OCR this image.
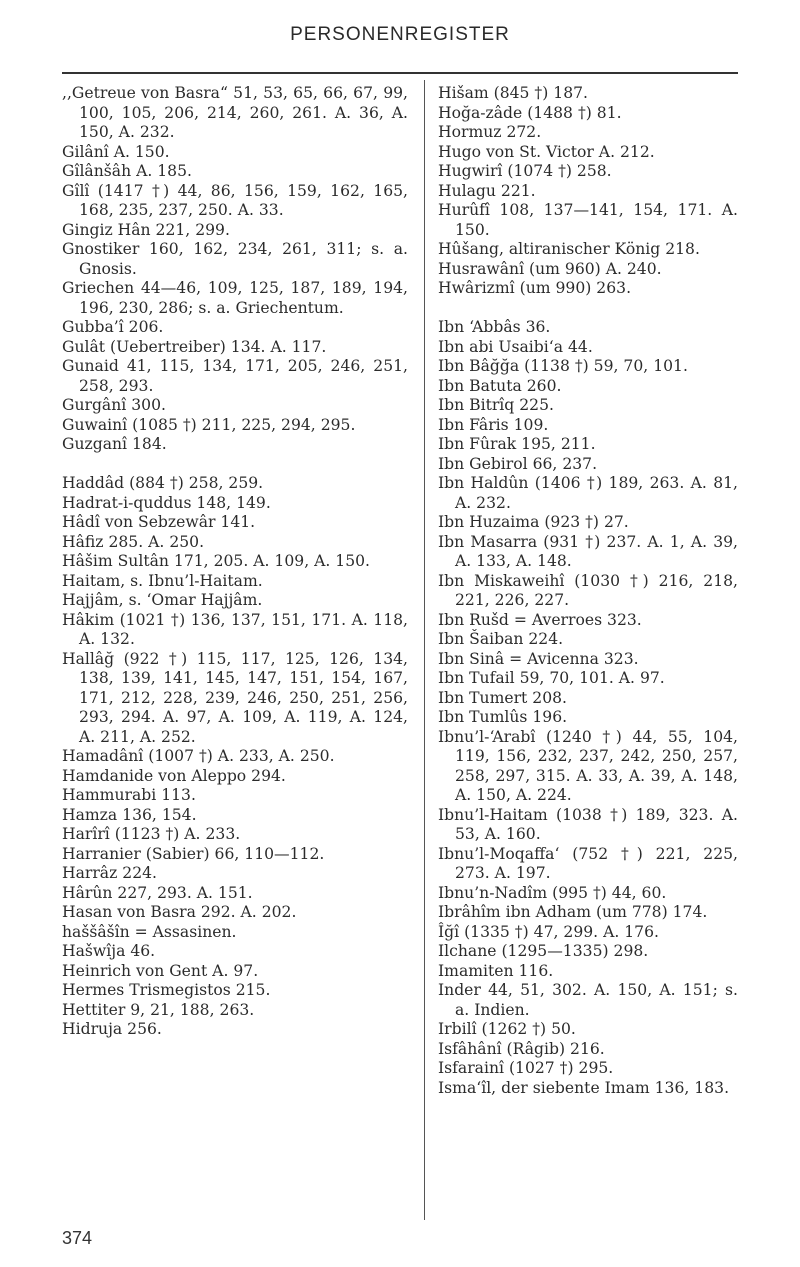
PERSONENREGISTER

,,Getreue von Basra“ 51, 53, 65, 66, 67, 99, 100, 105, 206, 214, 260, 261. A. 36, A. 150, A. 232.

Gilânî A. 150.

Gîlânšâh A. 185.

Gîlî (1417 †) 44, 86, 156, 159, 162, 165, 168, 235, 237, 250. A. 33.

Gingiz Hân 221, 299.

Gnostiker 160, 162, 234, 261, 311; s. a. Gnosis.

Griechen 44—46, 109, 125, 187, 189, 194, 196, 230, 286; s. a. Griechentum.

Gubba’î 206.

Gulât (Uebertreiber) 134. A. 117.

Gunaid 41, 115, 134, 171, 205, 246, 251, 258, 293.

Gurgânî 300.

Guwainî (1085 †) 211, 225, 294, 295.

Guzganî 184.

Haddâd (884 †) 258, 259.

Hadrat-i-quddus 148, 149.

Hâdî von Sebzewâr 141.

Hâfiz 285. A. 250.

Hâšim Sultân 171, 205. A. 109, A. 150.

Haitam, s. Ibnu’l-Haitam.

Hajjâm, s. ‘Omar Hajjâm.

Hâkim (1021 †) 136, 137, 151, 171. A. 118, A. 132.

Hallâğ (922 †) 115, 117, 125, 126, 134, 138, 139, 141, 145, 147, 151, 154, 167, 171, 212, 228, 239, 246, 250, 251, 256, 293, 294. A. 97, A. 109, A. 119, A. 124, A. 211, A. 252.

Hamadânî (1007 †) A. 233, A. 250.

Hamdanide von Aleppo 294.

Hammurabi 113.

Hamza 136, 154.

Harîrî (1123 †) A. 233.

Harranier (Sabier) 66, 110—112.

Harrâz 224.

Hârûn 227, 293. A. 151.

Hasan von Basra 292. A. 202.

haššâšîn = Assasinen.

Hašwîja 46.

Heinrich von Gent A. 97.

Hermes Trismegistos 215.

Hettiter 9, 21, 188, 263.

Hidruja 256.

Hišam (845 †) 187.

Hoğa-zâde (1488 †) 81.

Hormuz 272.

Hugo von St. Victor A. 212.

Hugwirî (1074 †) 258.

Hulagu 221.

Hurûfî 108, 137—141, 154, 171. A. 150.

Hûšang, altiranischer König 218.

Husrawânî (um 960) A. 240.

Hwârizmî (um 990) 263.

Ibn ‘Abbâs 36.

Ibn abi Usaibi‘a 44.

Ibn Bâğğa (1138 †) 59, 70, 101.

Ibn Batuta 260.

Ibn Bitrîq 225.

Ibn Fâris 109.

Ibn Fûrak 195, 211.

Ibn Gebirol 66, 237.

Ibn Haldûn (1406 †) 189, 263. A. 81, A. 232.

Ibn Huzaima (923 †) 27.

Ibn Masarra (931 †) 237. A. 1, A. 39, A. 133, A. 148.

Ibn Miskaweihî (1030 †) 216, 218, 221, 226, 227.

Ibn Rušd = Averroes 323.

Ibn Šaiban 224.

Ibn Sinâ = Avicenna 323.

Ibn Tufail 59, 70, 101. A. 97.

Ibn Tumert 208.

Ibn Tumlûs 196.

Ibnu’l-‘Arabî (1240 †) 44, 55, 104, 119, 156, 232, 237, 242, 250, 257, 258, 297, 315. A. 33, A. 39, A. 148, A. 150, A. 224.

Ibnu’l-Haitam (1038 †) 189, 323. A. 53, A. 160.

Ibnu’l-Moqaffa‘ (752 †) 221, 225, 273. A. 197.

Ibnu’n-Nadîm (995 †) 44, 60.

Ibrâhîm ibn Adham (um 778) 174.

Îğî (1335 †) 47, 299. A. 176.

Ilchane (1295—1335) 298.

Imamiten 116.

Inder 44, 51, 302. A. 150, A. 151; s. a. Indien.

Irbilî (1262 †) 50.

Isfâhânî (Râgib) 216.

Isfarainî (1027 †) 295.

Isma‘îl, der siebente Imam 136, 183.

374
